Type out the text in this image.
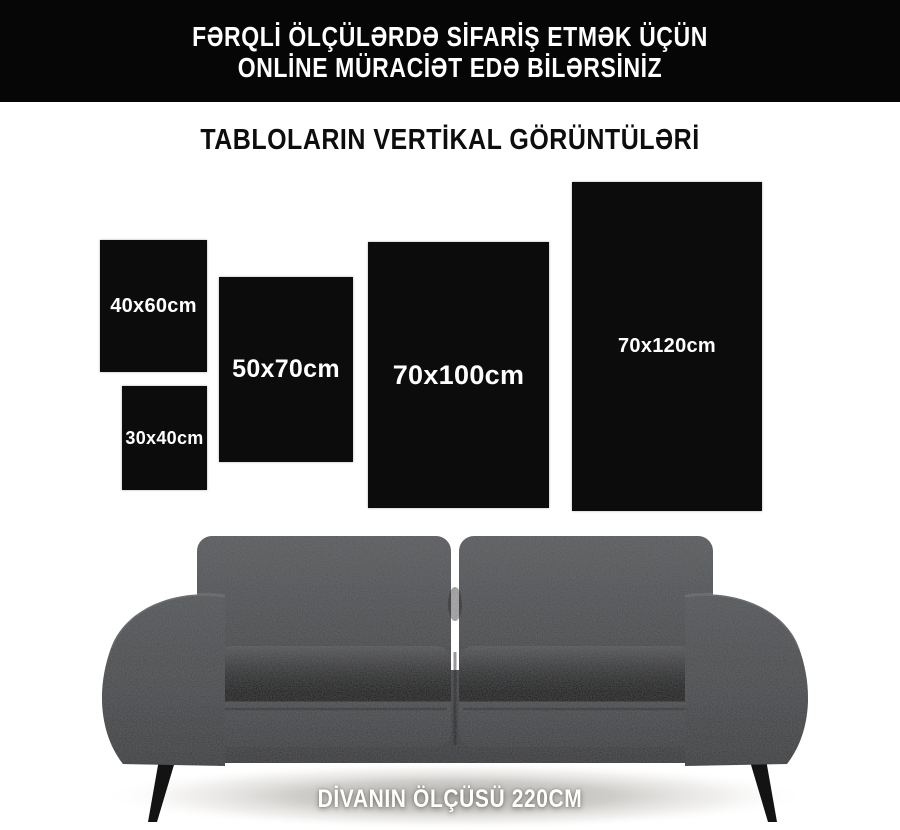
FƏRQLİ ÖLÇÜLƏRDƏ SİFARİŞ ETMƏK ÜÇÜN
ONLİNE MÜRACİƏT EDƏ BİLƏRSİNİZ
TABLOLARIN VERTİKAL GÖRÜNTÜLƏRİ
40x60cm
30x40cm
50x70cm 70x100cm
70x120cm
DİVANIN ÖLÇÜSÜ 220CM
